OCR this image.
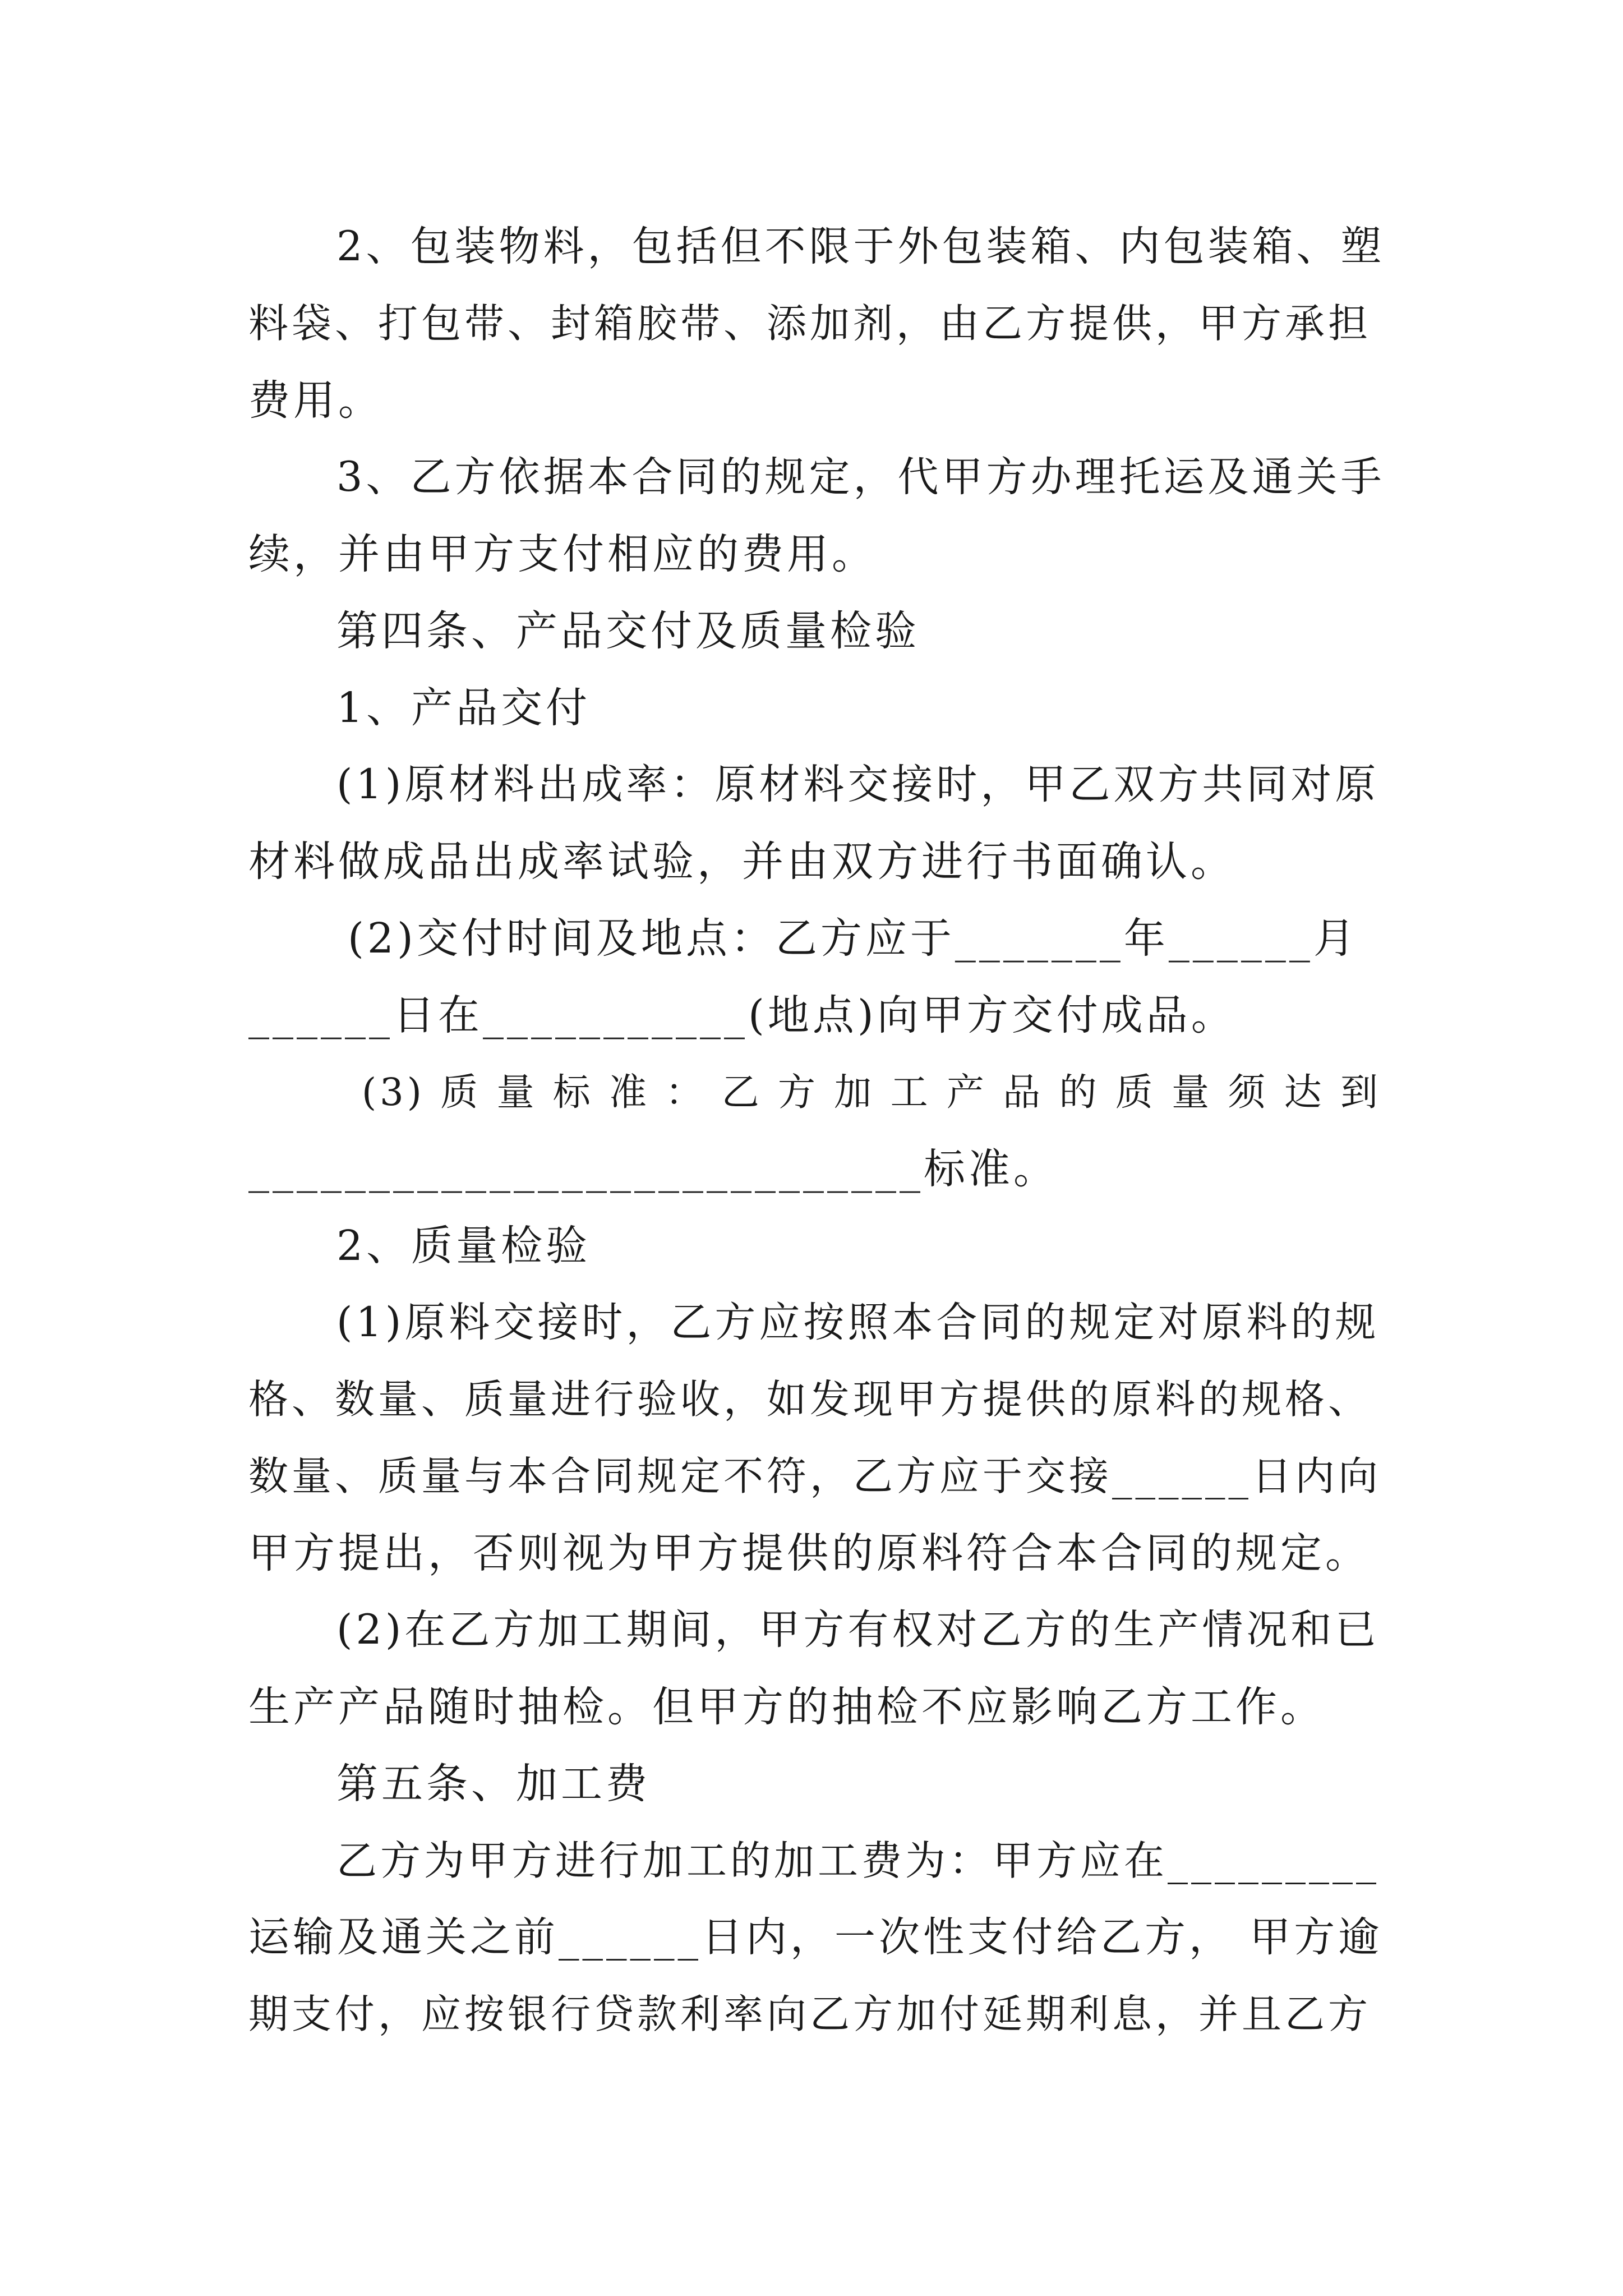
2、包装物料，包括但不限于外包装箱、内包装箱、塑
料袋、打包带、封箱胶带、添加剂，由乙方提供，甲方承担
费用。
3、乙方依据本合同的规定，代甲方办理托运及通关手
续，并由甲方支付相应的费用。
第四条、产品交付及质量检验
1、产品交付
(1)原材料出成率：原材料交接时，甲乙双方共同对原
材料做成品出成率试验，并由双方进行书面确认。
(2)交付时间及地点：乙方应于_______年______月
______日在___________(地点)向甲方交付成品。
(3) 质 量 标 准 ： 乙 方 加 工 产 品 的 质 量 须 达 到
____________________________标准。
2、质量检验
(1)原料交接时，乙方应按照本合同的规定对原料的规
格、数量、质量进行验收，如发现甲方提供的原料的规格、
数量、质量与本合同规定不符，乙方应于交接______日内向
甲方提出，否则视为甲方提供的原料符合本合同的规定。
(2)在乙方加工期间，甲方有权对乙方的生产情况和已
生产产品随时抽检。但甲方的抽检不应影响乙方工作。
第五条、加工费
乙方为甲方进行加工的加工费为：甲方应在_________
运输及通关之前______日内，一次性支付给乙方， 甲方逾
期支付，应按银行贷款利率向乙方加付延期利息，并且乙方
